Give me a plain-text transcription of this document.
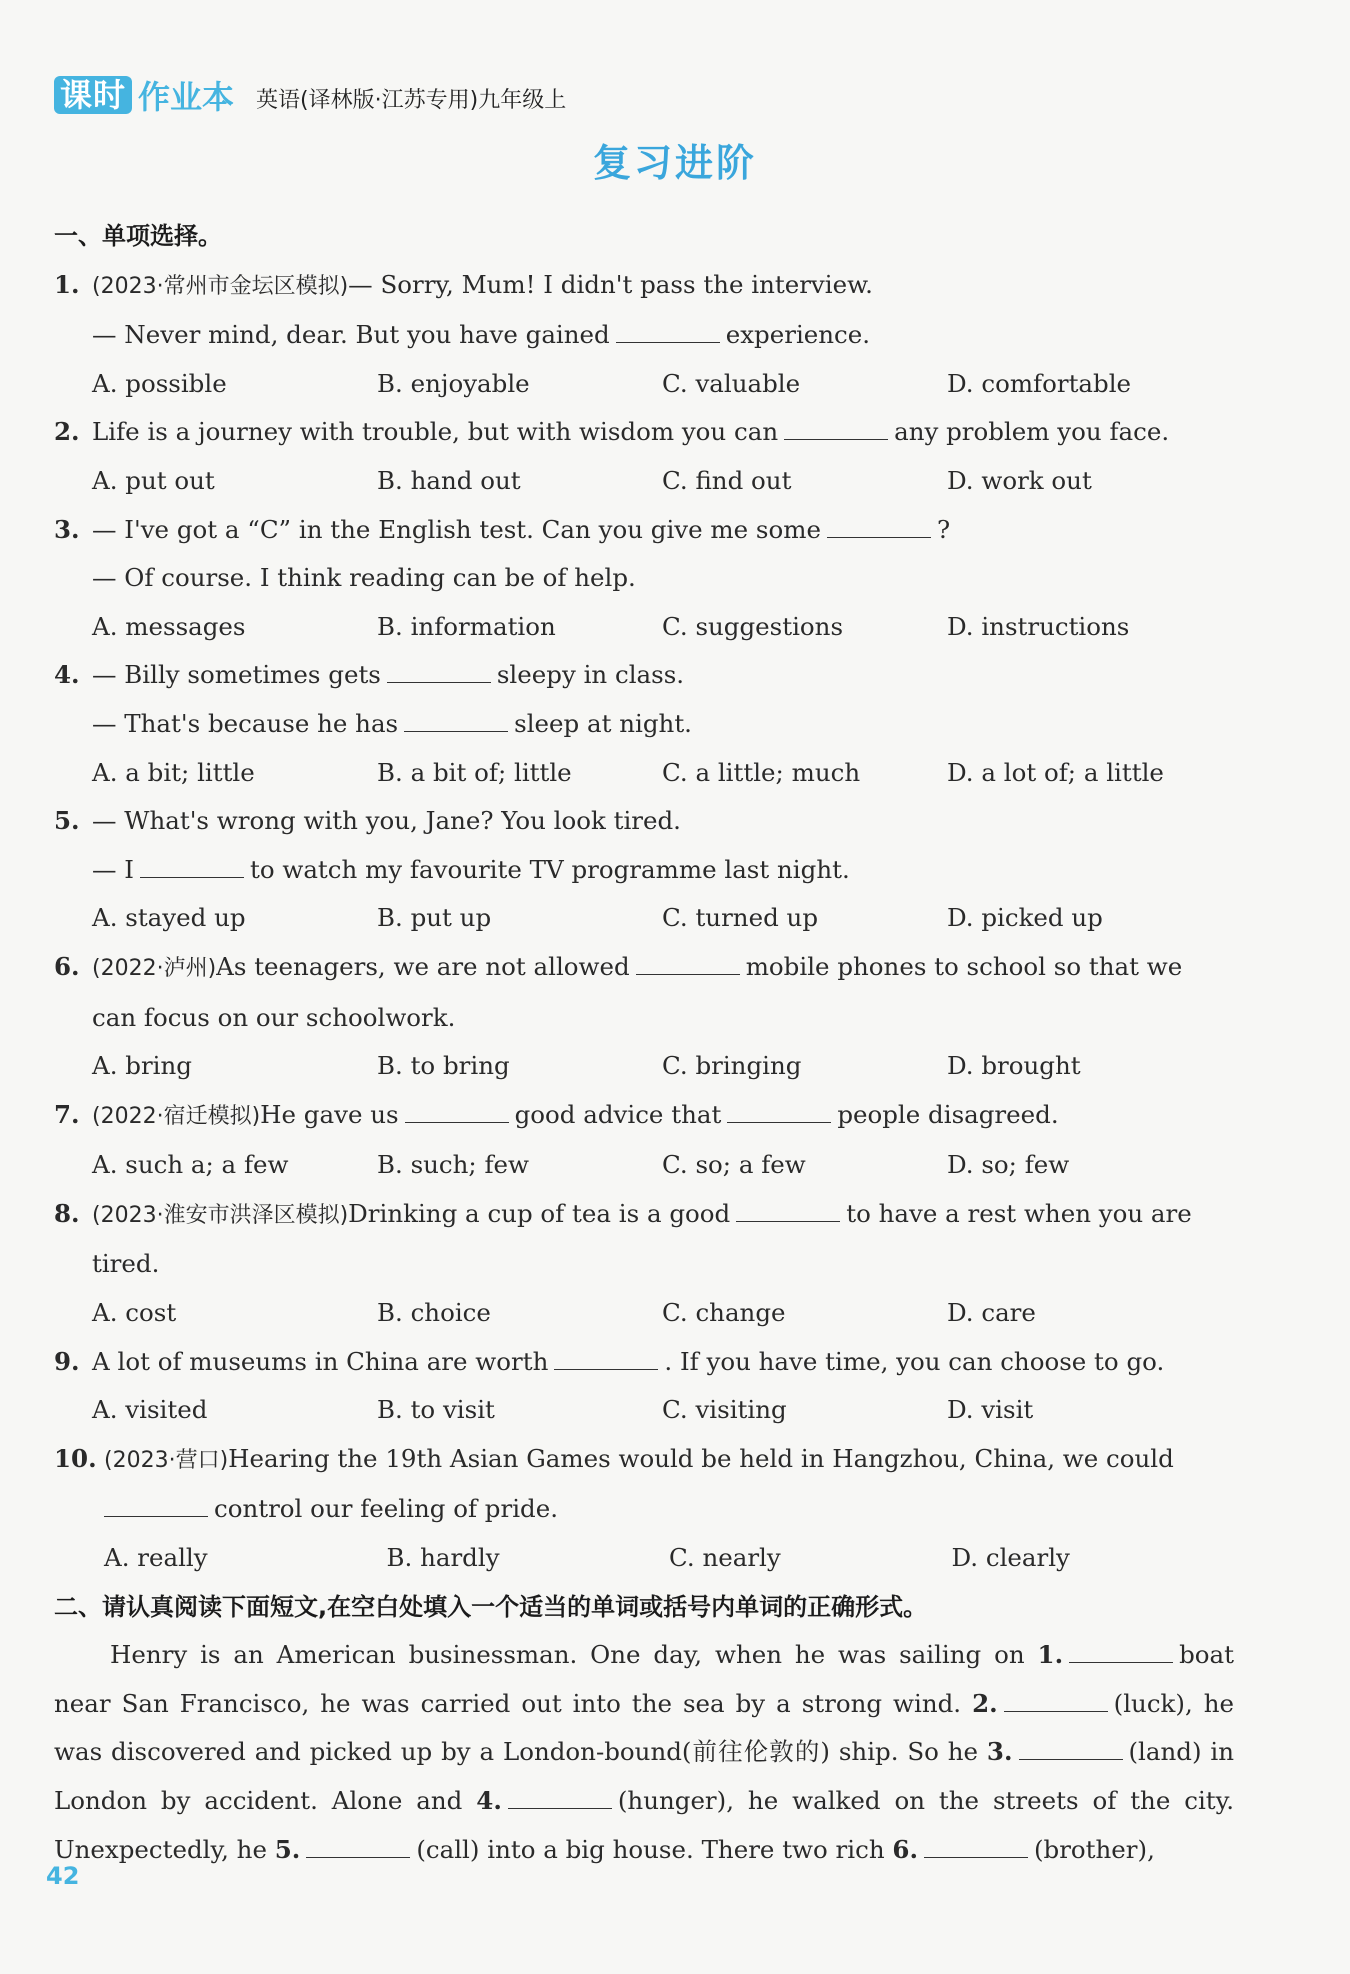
课时 作业本 英语(译林版·江苏专用)九年级上
复习进阶
一、单项选择。
1. (2023·常州市金坛区模拟)— Sorry, Mum! I didn't pass the interview.
— Never mind, dear. But you have gained	experience.
A. possible	B. enjoyable	C. valuable	D. comfortable
2. Life is a journey with trouble, but with wisdom you can	any problem you face.
A. put out	B. hand out	C. find out	D. work out
3. — I've got a “C” in the English test. Can you give me some	?
— Of course. I think reading can be of help.
A. messages	B. information	C. suggestions	D. instructions
4. — Billy sometimes gets	sleepy in class.
— That's because he has	sleep at night.
A. a bit; little	B. a bit of; little	C. a little; much	D. a lot of; a little
5. — What's wrong with you, Jane? You look tired.
— I	to watch my favourite TV programme last night.
A. stayed up	B. put up	C. turned up	D. picked up
6. (2022·泸州)As teenagers, we are not allowed	mobile phones to school so that we
can focus on our schoolwork.
A. bring	B. to bring	C. bringing	D. brought
7. (2022·宿迁模拟)He gave us	good advice that	people disagreed.
A. such a; a few	B. such; few	C. so; a few	D. so; few
8. (2023·淮安市洪泽区模拟)Drinking a cup of tea is a good	to have a rest when you are
tired.
A. cost	B. choice	C. change	D. care
9. A lot of museums in China are worth	. If you have time, you can choose to go.
A. visited	B. to visit	C. visiting	D. visit
10. (2023·营口)Hearing the 19th Asian Games would be held in Hangzhou, China, we could
control our feeling of pride.
A. really	B. hardly	C. nearly	D. clearly
二、请认真阅读下面短文,在空白处填入一个适当的单词或括号内单词的正确形式。
Henry is an American businessman. One day, when he was sailing on 1.	boat near San Francisco, he was carried out into the sea by a strong wind. 2.	(luck), he was discovered and picked up by a London-bound(前往伦敦的) ship. So he 3.	(land) in London by accident. Alone and 4.	(hunger), he walked on the streets of the city. Unexpectedly, he 5.	(call) into a big house. There two rich 6.	(brother),
42
